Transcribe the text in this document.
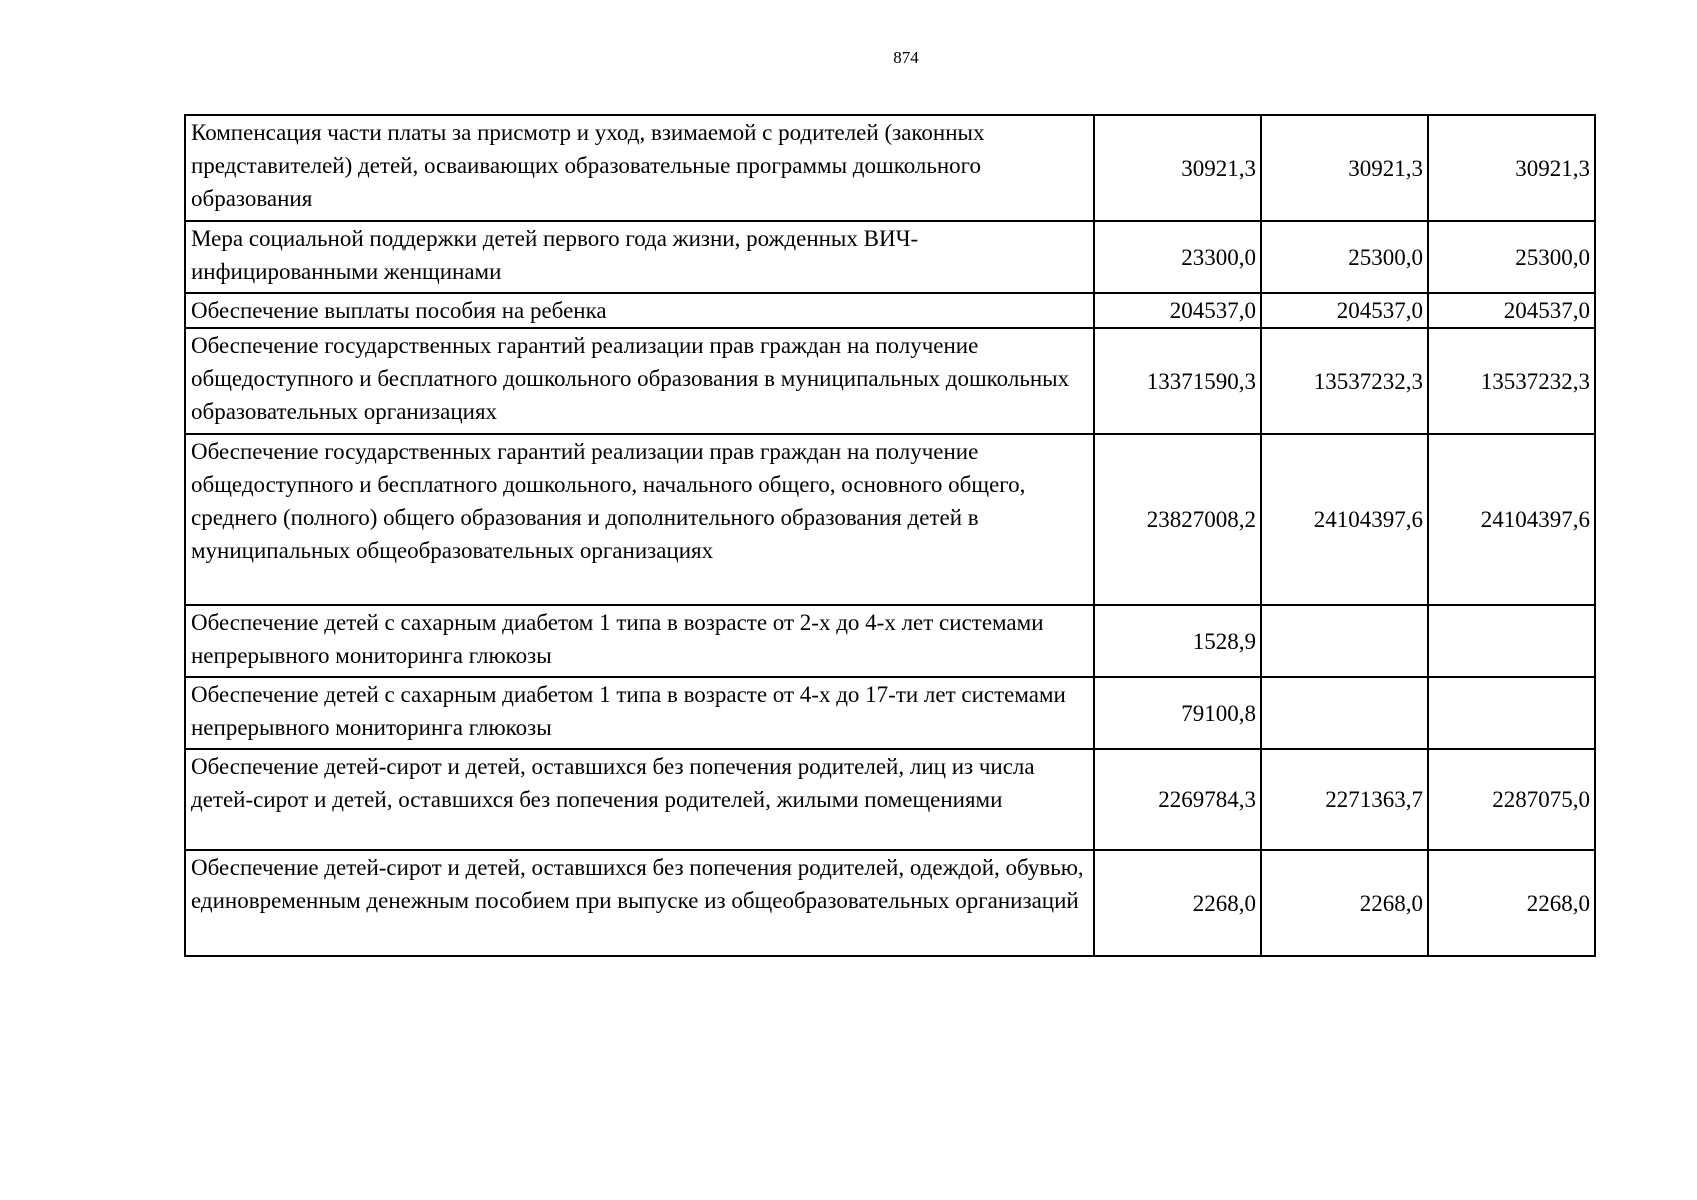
874
Компенсация части платы за присмотр и уход, взимаемой с родителей (законных представителей) детей, осваивающих образовательные программы дошкольного образования	30921,3	30921,3	30921,3
Мера социальной поддержки детей первого года жизни, рожденных ВИЧ-инфицированными женщинами	23300,0	25300,0	25300,0
Обеспечение выплаты пособия на ребенка	204537,0	204537,0	204537,0
Обеспечение государственных гарантий реализации прав граждан на получение общедоступного и бесплатного дошкольного образования в муниципальных дошкольных образовательных организациях	13371590,3	13537232,3	13537232,3
Обеспечение государственных гарантий реализации прав граждан на получение общедоступного и бесплатного дошкольного, начального общего, основного общего, среднего (полного) общего образования и дополнительного образования детей в муниципальных общеобразовательных организациях	23827008,2	24104397,6	24104397,6
Обеспечение детей с сахарным диабетом 1 типа в возрасте от 2-х до 4-х лет системами непрерывного мониторинга глюкозы	1528,9		
Обеспечение детей с сахарным диабетом 1 типа в возрасте от 4-х до 17-ти лет системами непрерывного мониторинга глюкозы	79100,8		
Обеспечение детей-сирот и детей, оставшихся без попечения родителей, лиц из числа детей-сирот и детей, оставшихся без попечения родителей, жилыми помещениями	2269784,3	2271363,7	2287075,0
Обеспечение детей-сирот и детей, оставшихся без попечения родителей, одеждой, обувью, единовременным денежным пособием при выпуске из общеобразовательных организаций	2268,0	2268,0	2268,0
